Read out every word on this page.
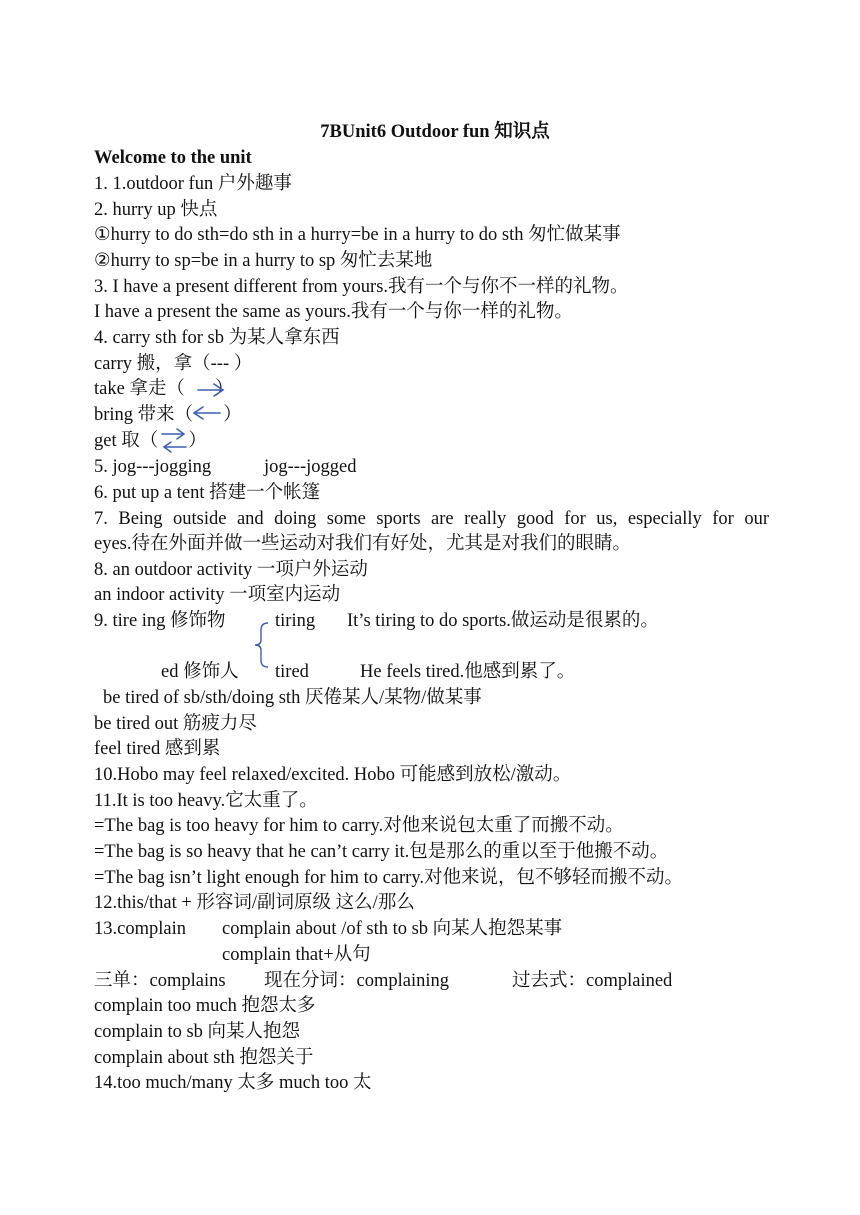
7BUnit6 Outdoor fun 知识点
Welcome to the unit
1. 1.outdoor fun 户外趣事
2. hurry up 快点
①hurry to do sth=do sth in a hurry=be in a hurry to do sth 匆忙做某事
②hurry to sp=be in a hurry to sp 匆忙去某地
3. I have a present different from yours.我有一个与你不一样的礼物。
I have a present the same as yours.我有一个与你一样的礼物。
4. carry sth for sb 为某人拿东西
carry 搬，拿（--- ）
take 拿走（ ）
bring 带来（ ）
get 取（ ）
5. jog---jogging	jog---jogged
6. put up a tent 搭建一个帐篷
7. Being outside and doing some sports are really good for us, especially for our
eyes.待在外面并做一些运动对我们有好处，尤其是对我们的眼睛。
8. an outdoor activity 一项户外运动
an indoor activity 一项室内运动
9. tire ing 修饰物	tiring It’s tiring to do sports.做运动是很累的。
ed 修饰人 tired	He feels tired.他感到累了。
be tired of sb/sth/doing sth 厌倦某人/某物/做某事
be tired out 筋疲力尽
feel tired 感到累
10.Hobo may feel relaxed/excited. Hobo 可能感到放松/激动。
11.It is too heavy.它太重了。
=The bag is too heavy for him to carry.对他来说包太重了而搬不动。
=The bag is so heavy that he can’t carry it.包是那么的重以至于他搬不动。
=The bag isn’t light enough for him to carry.对他来说，包不够轻而搬不动。
12.this/that + 形容词/副词原级 这么/那么
13.complain complain about /of sth to sb 向某人抱怨某事
complain that+从句
三单：complains 现在分词：complaining	过去式：complained
complain too much 抱怨太多
complain to sb 向某人抱怨
complain about sth 抱怨关于
14.too much/many 太多 much too 太
